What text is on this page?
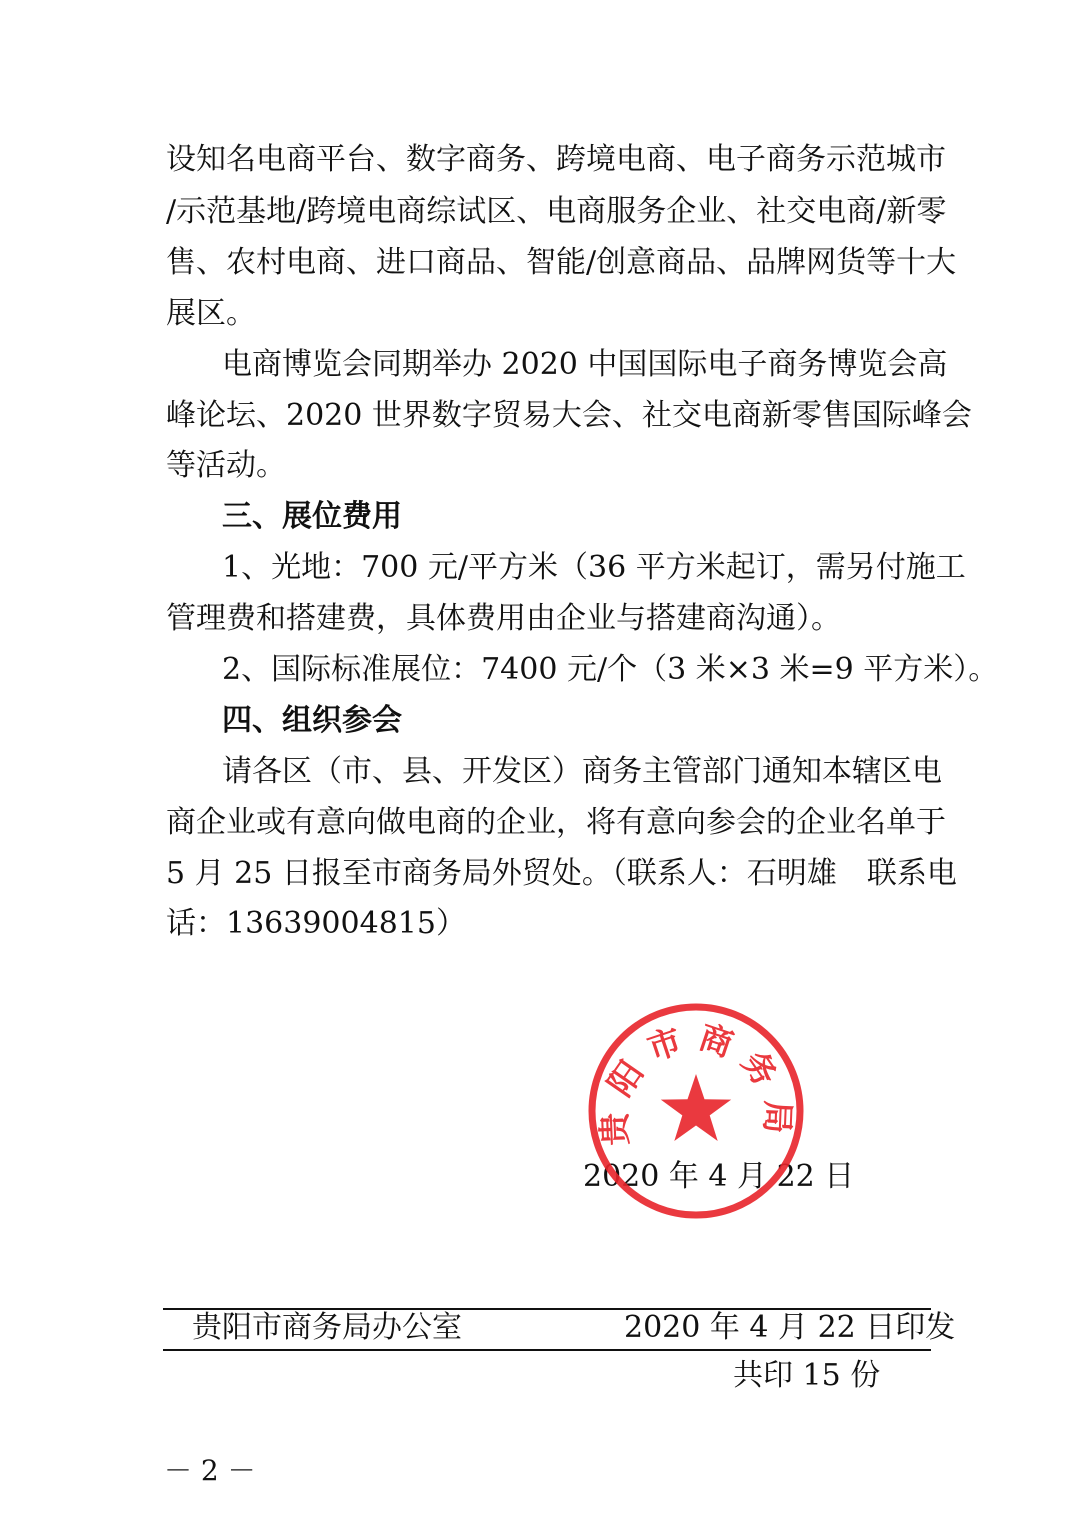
设知名电商平台、数字商务、跨境电商、电子商务示范城市
/示范基地/跨境电商综试区、电商服务企业、社交电商/新零
售、农村电商、进口商品、智能/创意商品、品牌网货等十大
展区。
电商博览会同期举办 2020 中国国际电子商务博览会高
峰论坛、2020 世界数字贸易大会、社交电商新零售国际峰会
等活动。
三、展位费用
1、光地：700 元/平方米（36 平方米起订，需另付施工
管理费和搭建费，具体费用由企业与搭建商沟通）。
2、国际标准展位：7400 元/个（3 米×3 米=9 平方米）。
四、组织参会
请各区（市、县、开发区）商务主管部门通知本辖区电
商企业或有意向做电商的企业，将有意向参会的企业名单于
5 月 25 日报至市商务局外贸处。（联系人：石明雄　联系电
话：13639004815）
2020 年 4 月 22 日
贵阳市商务局
贵阳市商务局办公室	2020 年 4 月 22 日印发
共印 15 份
－ 2 －
